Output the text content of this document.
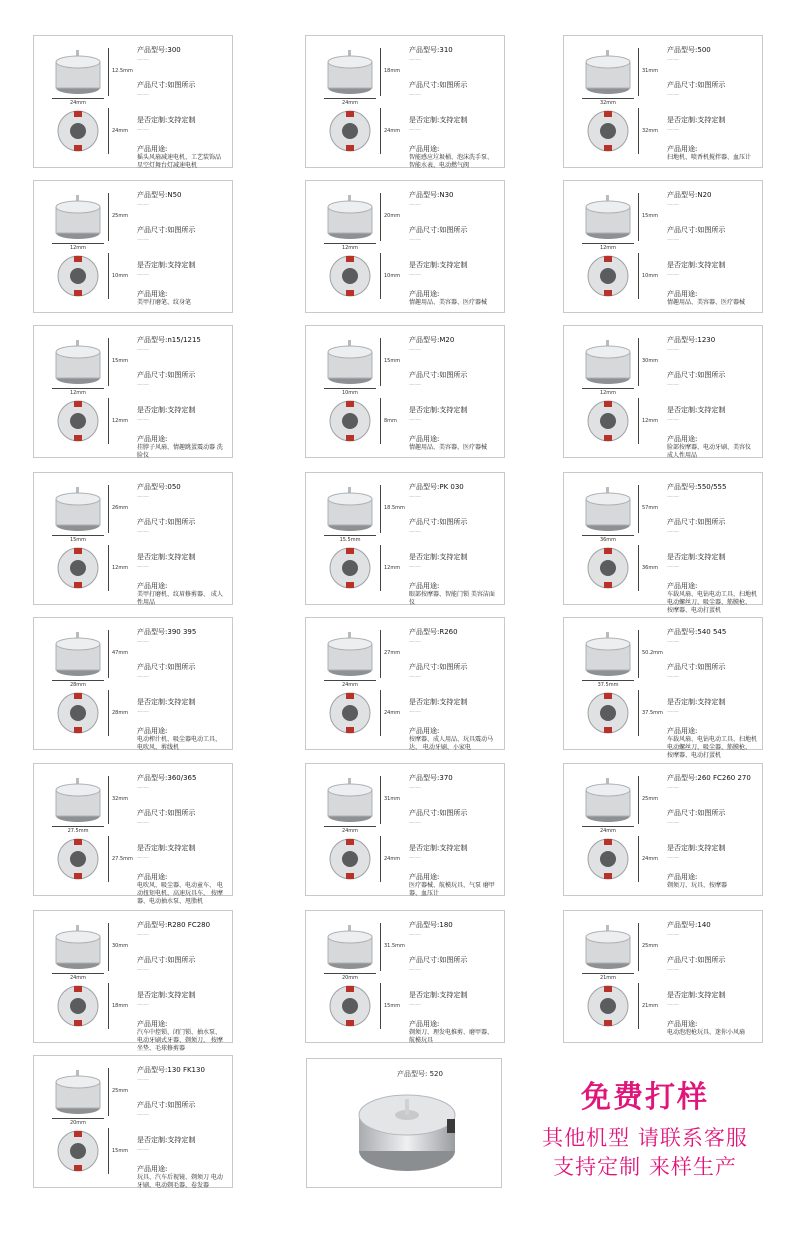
12.5mm
24mm
24mm
产品型号:300
——
产品尺寸:如图所示
——
是否定制:支持定制
——
产品用途:
摇头风扇减速电机、工艺装饰品 星空灯舞台灯减速电机
18mm
24mm
24mm
产品型号:310
——
产品尺寸:如图所示
——
是否定制:支持定制
——
产品用途:
智能感应垃圾桶、泡沫洗手泵、 智能水表、电动燃气阀
31mm
32mm
32mm
产品型号:500
——
产品尺寸:如图所示
——
是否定制:支持定制
——
产品用途:
扫地机、喷香机搅拌器、血压计
25mm
12mm
10mm
产品型号:N50
——
产品尺寸:如图所示
——
是否定制:支持定制
——
产品用途:
美甲打磨笔、纹身笔
20mm
12mm
10mm
产品型号:N30
——
产品尺寸:如图所示
——
是否定制:支持定制
——
产品用途:
情趣用品、美容器、医疗器械
15mm
12mm
10mm
产品型号:N20
——
产品尺寸:如图所示
——
是否定制:支持定制
——
产品用途:
情趣用品、美容器、医疗器械
15mm
12mm
12mm
产品型号:n15/1215
——
产品尺寸:如图所示
——
是否定制:支持定制
——
产品用途:
挂脖子风扇、情趣跳蛋震动器 洗脸仪
15mm
10mm
8mm
产品型号:M20
——
产品尺寸:如图所示
——
是否定制:支持定制
——
产品用途:
情趣用品、美容器、医疗器械
30mm
12mm
12mm
产品型号:1230
——
产品尺寸:如图所示
——
是否定制:支持定制
——
产品用途:
脸部按摩器、电动牙刷、美容仪 成人性用品
26mm
15mm
12mm
产品型号:050
——
产品尺寸:如图所示
——
是否定制:支持定制
——
产品用途:
美甲打磨机、纹眉修剪器、 成人性用品
18.5mm
15.5mm
12mm
产品型号:PK 030
——
产品尺寸:如图所示
——
是否定制:支持定制
——
产品用途:
眼部按摩器、智能门锁 美容洁面仪
57mm
36mm
36mm
产品型号:550/555
——
产品尺寸:如图所示
——
是否定制:支持定制
——
产品用途:
车载风扇、电钻电动工具、扫地机 电动螺丝刀、吸尘器、筋膜枪、 按摩器、电动打蛋机
47mm
28mm
28mm
产品型号:390 395
——
产品尺寸:如图所示
——
是否定制:支持定制
——
产品用途:
电动榨汁机、吸尘器电动工具、 电吹风、剪线机
27mm
24mm
24mm
产品型号:R260
——
产品尺寸:如图所示
——
是否定制:支持定制
——
产品用途:
按摩器、成人用品、玩具震动马达、 电动牙刷、小家电
50.2mm
37.5mm
37.5mm
产品型号:540 545
——
产品尺寸:如图所示
——
是否定制:支持定制
——
产品用途:
车载风扇、电钻电动工具、扫地机 电动螺丝刀、吸尘器、筋膜枪、 按摩器、电动打蛋机
32mm
27.5mm
27.5mm
产品型号:360/365
——
产品尺寸:如图所示
——
是否定制:支持定制
——
产品用途:
电吹风、吸尘器、电动童车、 电动扭矩电机、高速玩具车、 按摩器、电动抽水泵、甩脂机
31mm
24mm
24mm
产品型号:370
——
产品尺寸:如图所示
——
是否定制:支持定制
——
产品用途:
医疗器械、航模玩具、气泵 磨甲器、血压计
25mm
24mm
24mm
产品型号:260 FC260 270
——
产品尺寸:如图所示
——
是否定制:支持定制
——
产品用途:
剃须刀、玩具、按摩器
30mm
24mm
18mm
产品型号:R280 FC280
——
产品尺寸:如图所示
——
是否定制:支持定制
——
产品用途:
汽车中控锁、闭门锁、抽水泵、 电动牙刷式牙器、剃须刀、 按摩坐垫、毛球修剪器
31.5mm
20mm
15mm
产品型号:180
——
产品尺寸:如图所示
——
是否定制:支持定制
——
产品用途:
剃须刀、理发电推剪、磨甲器、 航模玩具
25mm
21mm
21mm
产品型号:140
——
产品尺寸:如图所示
——
是否定制:支持定制
——
产品用途:
电动泡泡枪玩具、迷你小风扇
25mm
20mm
15mm
产品型号:130 FK130
——
产品尺寸:如图所示
——
是否定制:支持定制
——
产品用途:
玩具、汽车后视镜、剃须刀 电动牙刷、电动剃毛器、卷发器
产品型号: 520
免费打样
其他机型 请联系客服
支持定制 来样生产
